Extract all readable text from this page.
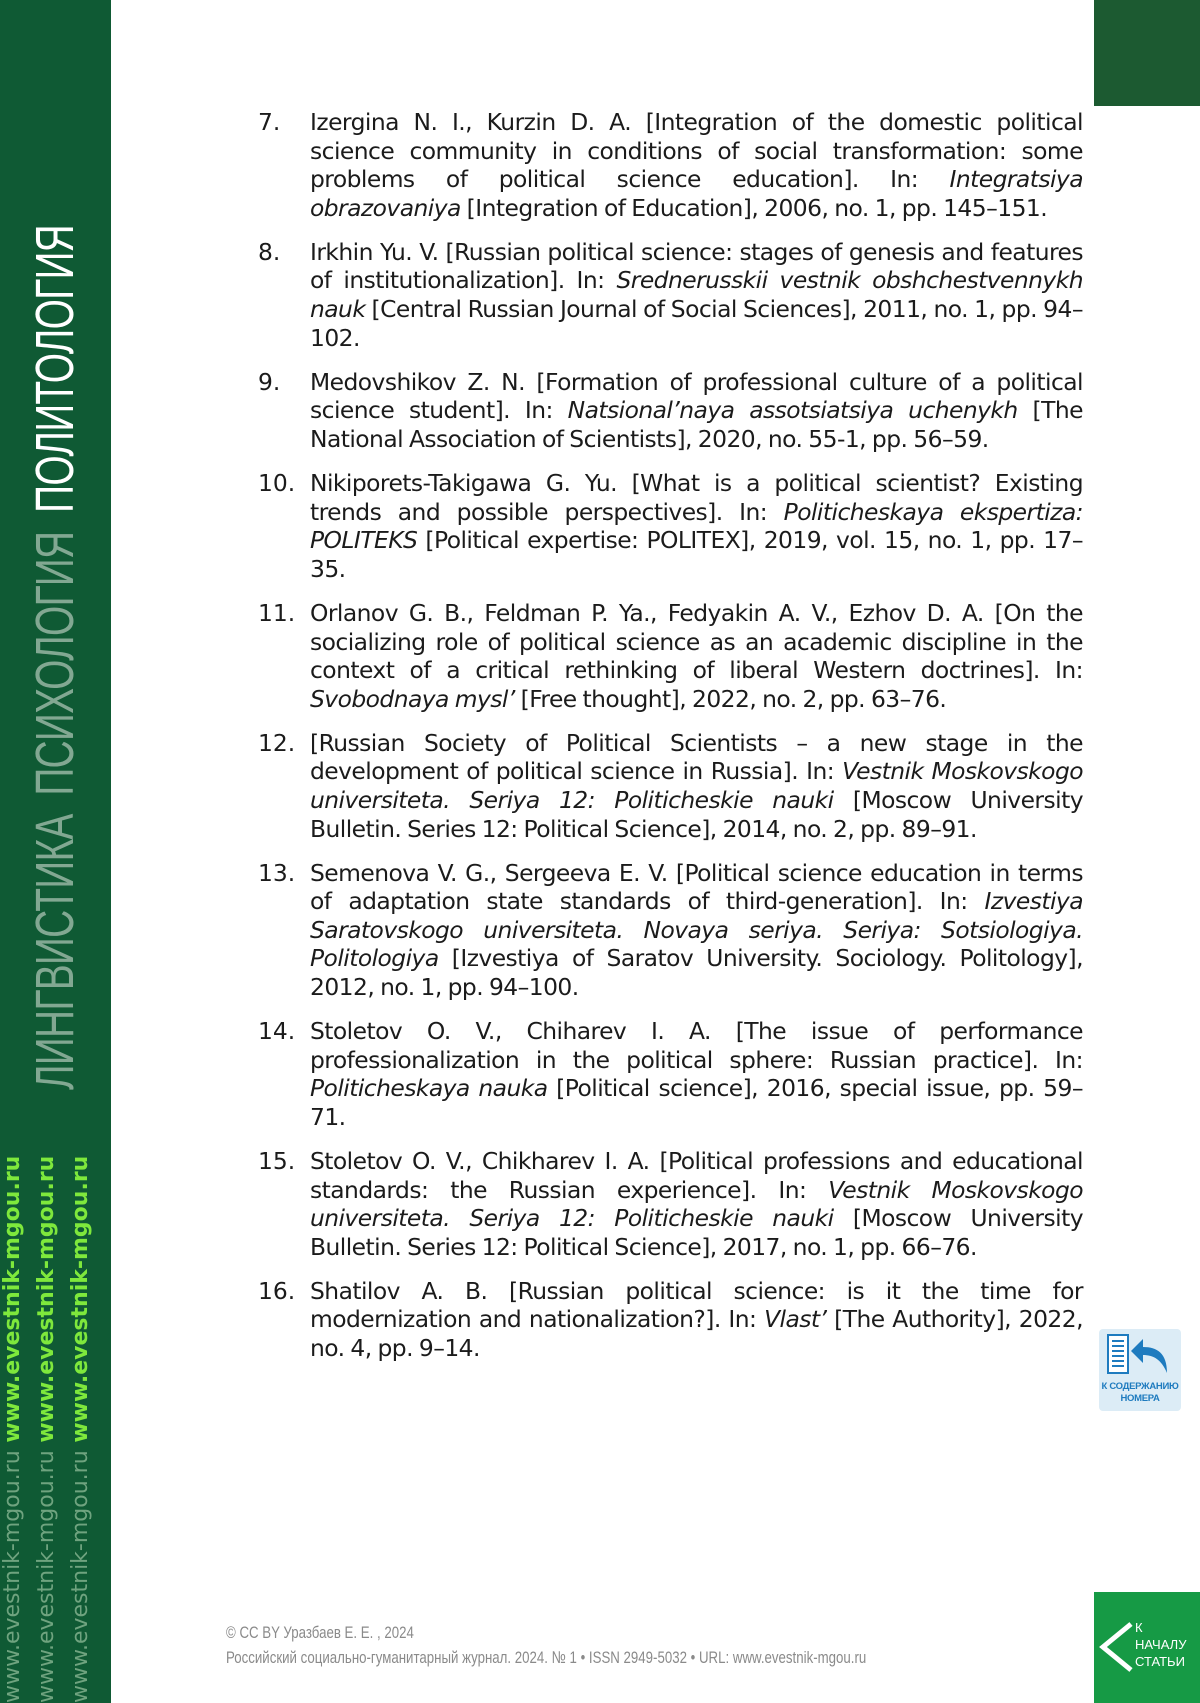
ЛИНГВИСТИКАПСИХОЛОГИЯПОЛИТОЛОГИЯ
www.evestnik-mgou.ru www.evestnik-mgou.ru
www.evestnik-mgou.ru www.evestnik-mgou.ru
www.evestnik-mgou.ru www.evestnik-mgou.ru
7. Izergina N. I., Kurzin D. A. [Integration of the domestic political science community in conditions of social transformation: some problems of political science education]. In: Integratsiya obrazovaniya [Integration of Education], 2006, no. 1, pp. 145–151.
8. Irkhin Yu. V. [Russian political science: stages of genesis and features of institutionalization]. In: Srednerusskii vestnik obshchestvennykh nauk [Central Russian Journal of Social Sciences], 2011, no. 1, pp. 94–102.
9. Medovshikov Z. N. [Formation of professional culture of a political science student]. In: Natsional’naya assotsiatsiya uchenykh [The National Association of Scientists], 2020, no. 55-1, pp. 56–59.
10. Nikiporets-Takigawa G. Yu. [What is a political scientist? Existing trends and possible perspectives]. In: Politicheskaya ekspertiza: POLITEKS [Political expertise: POLITEX], 2019, vol. 15, no. 1, pp. 17–35.
11. Orlanov G. B., Feldman P. Ya., Fedyakin A. V., Ezhov D. A. [On the socializing role of political science as an academic discipline in the context of a critical rethinking of liberal Western doctrines]. In: Svobodnaya mysl’ [Free thought], 2022, no. 2, pp. 63–76.
12. [Russian Society of Political Scientists – a new stage in the development of political science in Russia]. In: Vestnik Moskovskogo universiteta. Seriya 12: Politicheskie nauki [Moscow University Bulletin. Series 12: Political Science], 2014, no. 2, pp. 89–91.
13. Semenova V. G., Sergeeva E. V. [Political science education in terms of adaptation state standards of third-generation]. In: Izvestiya Saratovskogo universiteta. Novaya seriya. Seriya: Sotsiologiya. Politologiya [Izvestiya of Saratov University. Sociology. Politology], 2012, no. 1, pp. 94–100.
14. Stoletov O. V., Chiharev I. A. [The issue of performance professionalization in the political sphere: Russian practice]. In: Politicheskaya nauka [Political science], 2016, special issue, pp. 59–71.
15. Stoletov O. V., Chikharev I. A. [Political professions and educational standards: the Russian experience]. In: Vestnik Moskovskogo universiteta. Seriya 12: Politicheskie nauki [Moscow University Bulletin. Series 12: Political Science], 2017, no. 1, pp. 66–76.
16. Shatilov A. B. [Russian political science: is it the time for modernization and nationalization?]. In: Vlast’ [The Authority], 2022, no. 4, pp. 9–14.
К СОДЕРЖАНИЮ
НОМЕРА
© CC BY Уразбаев Е. Е. , 2024
Российский социально-гуманитарный журнал. 2024. № 1 • ISSN 2949-5032 • URL: www.evestnik-mgou.ru
К
НАЧАЛУ
СТАТЬИ
